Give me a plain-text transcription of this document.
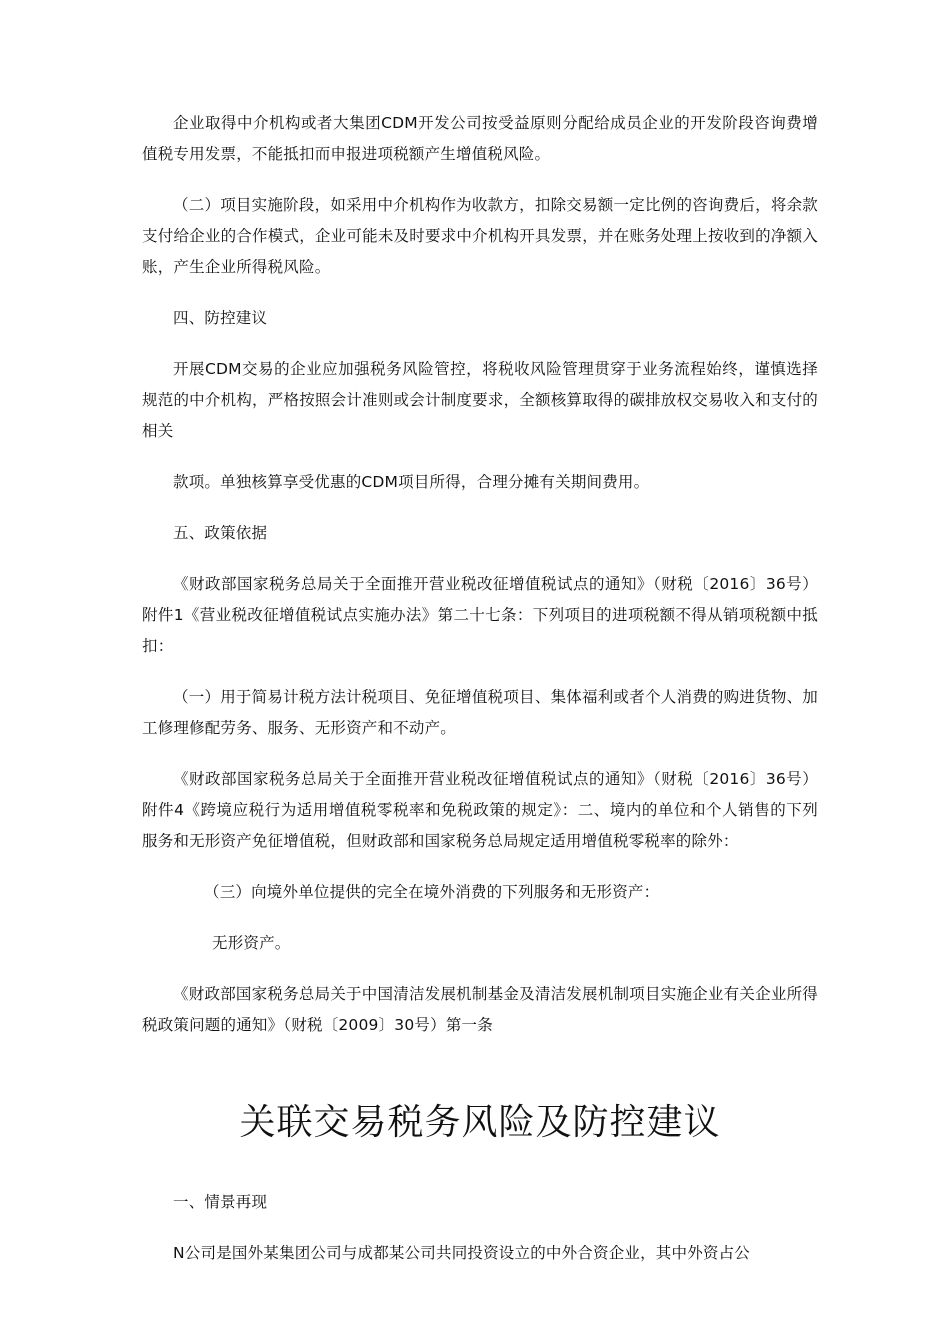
企业取得中介机构或者大集团CDM开发公司按受益原则分配给成员企业的开发阶段咨询费增值税专用发票，不能抵扣而申报进项税额产生增值税风险。

（二）项目实施阶段，如采用中介机构作为收款方，扣除交易额一定比例的咨询费后，将余款支付给企业的合作模式，企业可能未及时要求中介机构开具发票，并在账务处理上按收到的净额入账，产生企业所得税风险。

四、防控建议

开展CDM交易的企业应加强税务风险管控，将税收风险管理贯穿于业务流程始终，谨慎选择规范的中介机构，严格按照会计准则或会计制度要求，全额核算取得的碳排放权交易收入和支付的相关

款项。单独核算享受优惠的CDM项目所得，合理分摊有关期间费用。

五、政策依据

《财政部国家税务总局关于全面推开营业税改征增值税试点的通知》（财税〔2016〕36号）附件1《营业税改征增值税试点实施办法》第二十七条：下列项目的进项税额不得从销项税额中抵扣：

（一）用于简易计税方法计税项目、免征增值税项目、集体福利或者个人消费的购进货物、加工修理修配劳务、服务、无形资产和不动产。

《财政部国家税务总局关于全面推开营业税改征增值税试点的通知》（财税〔2016〕36号）附件4《跨境应税行为适用增值税零税率和免税政策的规定》：二、境内的单位和个人销售的下列服务和无形资产免征增值税，但财政部和国家税务总局规定适用增值税零税率的除外：

（三）向境外单位提供的完全在境外消费的下列服务和无形资产：

无形资产。

《财政部国家税务总局关于中国清洁发展机制基金及清洁发展机制项目实施企业有关企业所得税政策问题的通知》（财税〔2009〕30号）第一条

关联交易税务风险及防控建议

一、情景再现

N公司是国外某集团公司与成都某公司共同投资设立的中外合资企业，其中外资占公
